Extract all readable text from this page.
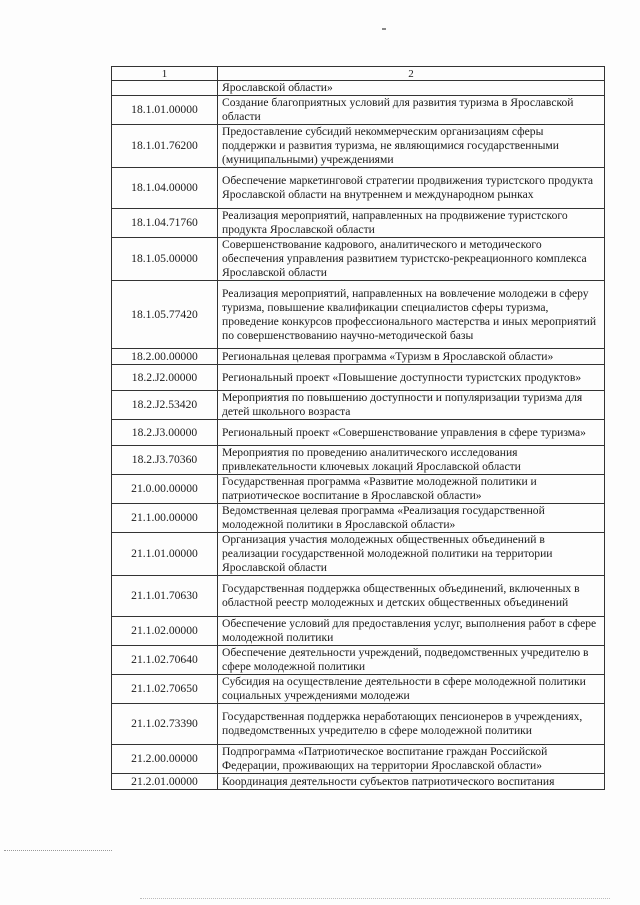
1	2
	Ярославской области»
18.1.01.00000	Создание благоприятных условий для развития туризма в Ярославской области
18.1.01.76200	Предоставление субсидий некоммерческим организациям сферы поддержки и развития туризма, не являющимися государственными (муниципальными) учреждениями
18.1.04.00000	Обеспечение маркетинговой стратегии продвижения туристского продукта Ярославской области на внутреннем и международном рынках
18.1.04.71760	Реализация мероприятий, направленных на продвижение туристского продукта Ярославской области
18.1.05.00000	Совершенствование кадрового, аналитического и методического обеспечения управления развитием туристско-рекреационного комплекса Ярославской области
18.1.05.77420	Реализация мероприятий, направленных на вовлечение молодежи в сферу туризма, повышение квалификации специалистов сферы туризма, проведение конкурсов профессионального мастерства и иных мероприятий по совершенствованию научно-методической базы
18.2.00.00000	Региональная целевая программа «Туризм в Ярославской области»
18.2.J2.00000	Региональный проект «Повышение доступности туристских продуктов»
18.2.J2.53420	Мероприятия по повышению доступности и популяризации туризма для детей школьного возраста
18.2.J3.00000	Региональный проект «Совершенствование управления в сфере туризма»
18.2.J3.70360	Мероприятия по проведению аналитического исследования привлекательности ключевых локаций Ярославской области
21.0.00.00000	Государственная программа «Развитие молодежной политики и патриотическое воспитание в Ярославской области»
21.1.00.00000	Ведомственная целевая программа «Реализация государственной молодежной политики в Ярославской области»
21.1.01.00000	Организация участия молодежных общественных объединений в реализации государственной молодежной политики на территории Ярославской области
21.1.01.70630	Государственная поддержка общественных объединений, включенных в областной реестр молодежных и детских общественных объединений
21.1.02.00000	Обеспечение условий для предоставления услуг, выполнения работ в сфере молодежной политики
21.1.02.70640	Обеспечение деятельности учреждений, подведомственных учредителю в сфере молодежной политики
21.1.02.70650	Субсидия на осуществление деятельности в сфере молодежной политики социальных учреждениями молодежи
21.1.02.73390	Государственная поддержка неработающих пенсионеров в учреждениях, подведомственных учредителю в сфере молодежной политики
21.2.00.00000	Подпрограмма «Патриотическое воспитание граждан Российской Федерации, проживающих на территории Ярославской области»
21.2.01.00000	Координация деятельности субъектов патриотического воспитания
